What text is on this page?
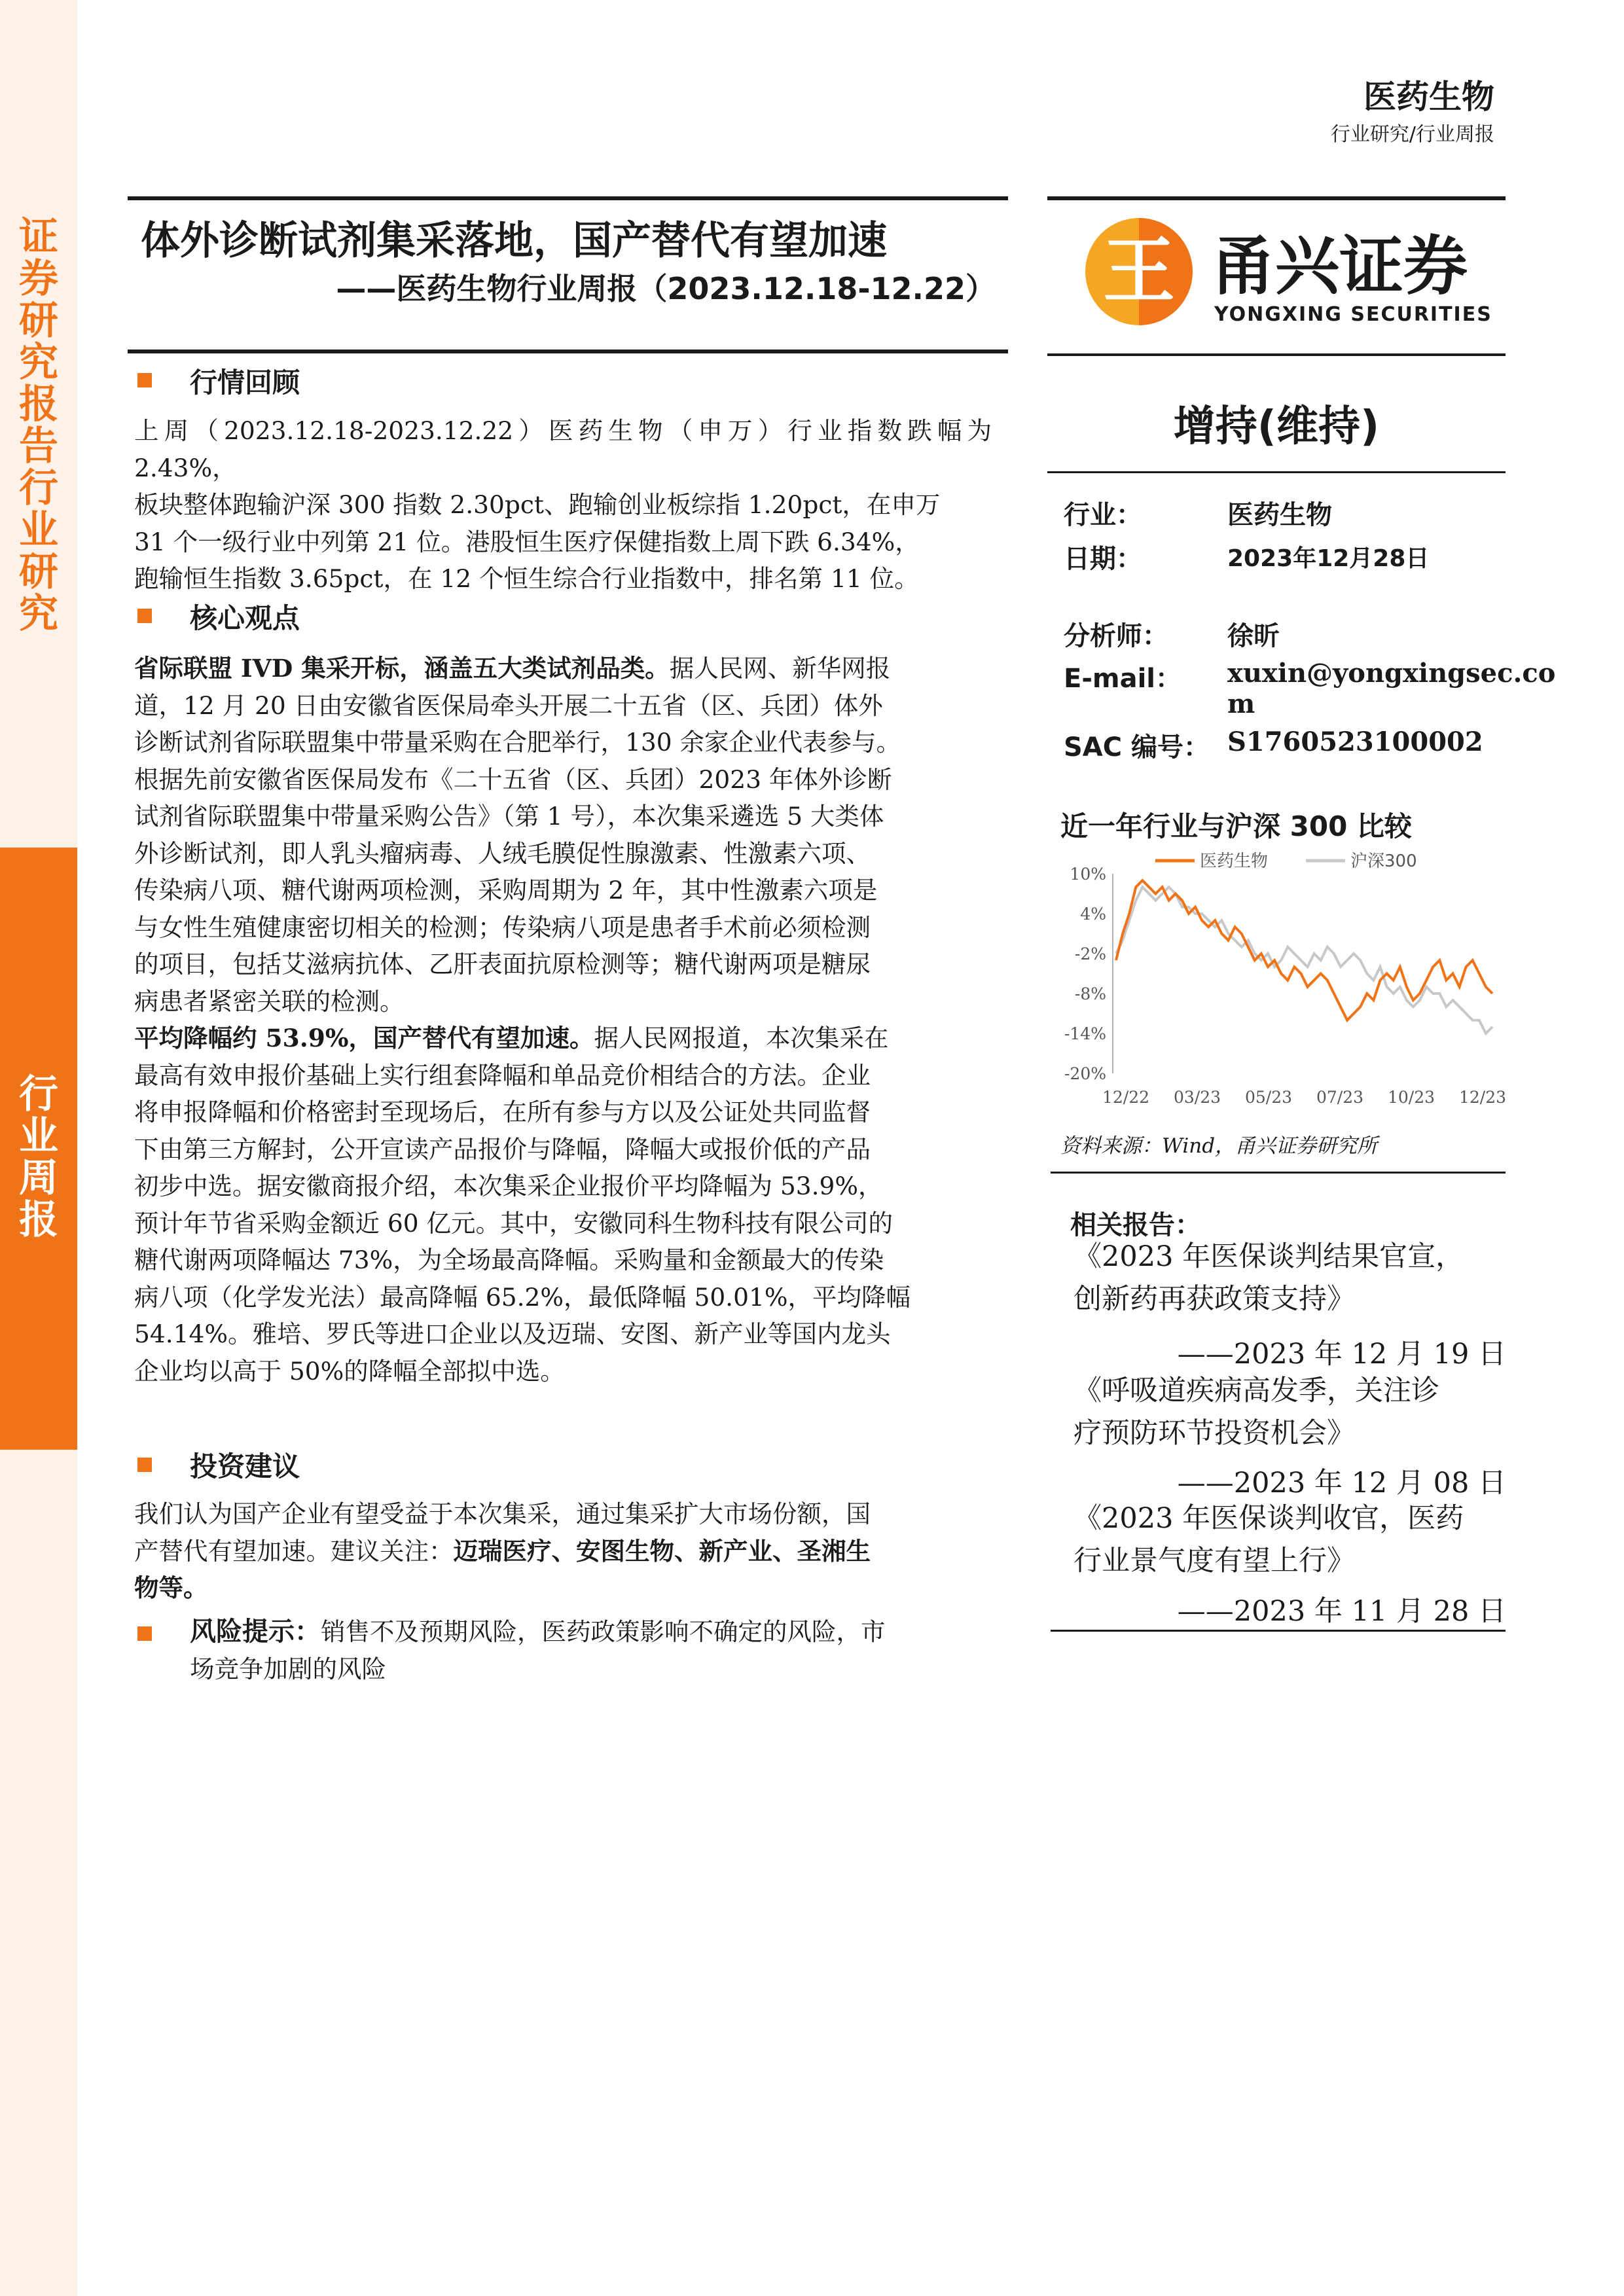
证券研究报告 行业研究
行业周报
医药生物
行业研究/行业周报
体外诊断试剂集采落地，国产替代有望加速
——医药生物行业周报（2023.12.18-12.22）
行情回顾
上周（2023.12.18-2023.12.22）医药生物（申万）行业指数跌幅为 2.43%，
板块整体跑输沪深 300 指数 2.30pct、跑输创业板综指 1.20pct，在申万
31 个一级行业中列第 21 位。港股恒生医疗保健指数上周下跌 6.34%，
跑输恒生指数 3.65pct，在 12 个恒生综合行业指数中，排名第 11 位。
核心观点
省际联盟 IVD 集采开标，涵盖五大类试剂品类。据人民网、新华网报
道，12 月 20 日由安徽省医保局牵头开展二十五省（区、兵团）体外
诊断试剂省际联盟集中带量采购在合肥举行，130 余家企业代表参与。
根据先前安徽省医保局发布《二十五省（区、兵团）2023 年体外诊断
试剂省际联盟集中带量采购公告》（第 1 号），本次集采遴选 5 大类体
外诊断试剂，即人乳头瘤病毒、人绒毛膜促性腺激素、性激素六项、
传染病八项、糖代谢两项检测，采购周期为 2 年，其中性激素六项是
与女性生殖健康密切相关的检测；传染病八项是患者手术前必须检测
的项目，包括艾滋病抗体、乙肝表面抗原检测等；糖代谢两项是糖尿
病患者紧密关联的检测。
平均降幅约 53.9%，国产替代有望加速。据人民网报道，本次集采在
最高有效申报价基础上实行组套降幅和单品竞价相结合的方法。企业
将申报降幅和价格密封至现场后，在所有参与方以及公证处共同监督
下由第三方解封，公开宣读产品报价与降幅，降幅大或报价低的产品
初步中选。据安徽商报介绍，本次集采企业报价平均降幅为 53.9%，
预计年节省采购金额近 60 亿元。其中，安徽同科生物科技有限公司的
糖代谢两项降幅达 73%，为全场最高降幅。采购量和金额最大的传染
病八项（化学发光法）最高降幅 65.2%，最低降幅 50.01%，平均降幅
54.14%。雅培、罗氏等进口企业以及迈瑞、安图、新产业等国内龙头
企业均以高于 50%的降幅全部拟中选。
投资建议
我们认为国产企业有望受益于本次集采，通过集采扩大市场份额，国
产替代有望加速。建议关注：迈瑞医疗、安图生物、新产业、圣湘生
物等。
风险提示：销售不及预期风险，医药政策影响不确定的风险，市
场竞争加剧的风险
王 甬兴证券
YONGXING SECURITIES
增持(维持)
行业：	医药生物
日期：	2023年12月28日
分析师： 徐昕
E-mail： xuxin@yongxingsec.co
m
SAC 编号： S1760523100002
近一年行业与沪深 300 比较
10%
4%
-2%
-8%
-14%
-20%
12/22 03/23 05/23 07/23 10/23 12/23
医药生物	沪深300
资料来源：Wind，甬兴证券研究所
相关报告：
《2023 年医保谈判结果官宣，
创新药再获政策支持》
——2023 年 12 月 19 日
《呼吸道疾病高发季，关注诊
疗预防环节投资机会》
——2023 年 12 月 08 日
《2023 年医保谈判收官，医药
行业景气度有望上行》
——2023 年 11 月 28 日
